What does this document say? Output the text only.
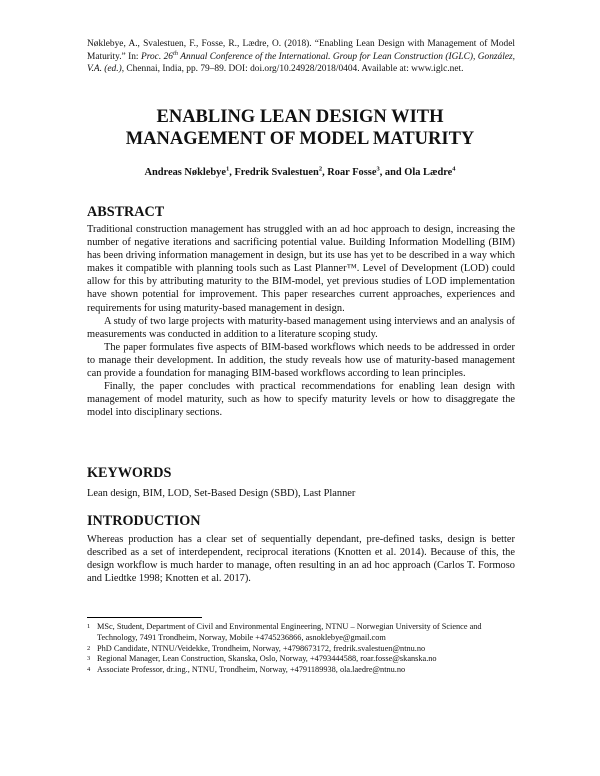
Nøklebye, A., Svalestuen, F., Fosse, R., Lædre, O. (2018). “Enabling Lean Design with Management of Model Maturity.” In: Proc. 26th Annual Conference of the International. Group for Lean Construction (IGLC), González, V.A. (ed.), Chennai, India, pp. 79–89. DOI: doi.org/10.24928/2018/0404. Available at: www.iglc.net.
ENABLING LEAN DESIGN WITH
MANAGEMENT OF MODEL MATURITY
Andreas Nøklebye$^1$, Fredrik Svalestuen$^2$, Roar Fosse$^3$, and Ola Lædre$^4$
ABSTRACT

Traditional construction management has struggled with an ad hoc approach to design, increasing the number of negative iterations and sacrificing potential value. Building Information Modelling (BIM) has been driving information management in design, but its use has yet to be described in a way which makes it compatible with planning tools such as Last Planner™. Level of Development (LOD) could allow for this by attributing maturity to the BIM-model, yet previous studies of LOD implementation have shown potential for improvement. This paper researches current approaches, experiences and requirements for using maturity-based management in design.

A study of two large projects with maturity-based management using interviews and an analysis of measurements was conducted in addition to a literature scoping study.

The paper formulates five aspects of BIM-based workflows which needs to be addressed in order to manage their development. In addition, the study reveals how use of maturity-based management can provide a foundation for managing BIM-based workflows according to lean principles.

Finally, the paper concludes with practical recommendations for enabling lean design with management of model maturity, such as how to specify maturity levels or how to disaggregate the model into disciplinary sections.

KEYWORDS

Lean design, BIM, LOD, Set-Based Design (SBD), Last Planner

INTRODUCTION

Whereas production has a clear set of sequentially dependant, pre-defined tasks, design is better described as a set of interdependent, reciprocal iterations (Knotten et al. 2014). Because of this, the design workflow is much harder to manage, often resulting in an ad hoc approach (Carlos T. Formoso and Liedtke 1998; Knotten et al. 2017).

1 MSc, Student, Department of Civil and Environmental Engineering, NTNU – Norwegian University of Science and Technology, 7491 Trondheim, Norway, Mobile +4745236866, asnoklebye@gmail.com
2 PhD Candidate, NTNU/Veidekke, Trondheim, Norway, +4798673172, fredrik.svalestuen@ntnu.no
3 Regional Manager, Lean Construction, Skanska, Oslo, Norway, +4793444588, roar.fosse@skanska.no
4 Associate Professor, dr.ing., NTNU, Trondheim, Norway, +4791189938, ola.laedre@ntnu.no
